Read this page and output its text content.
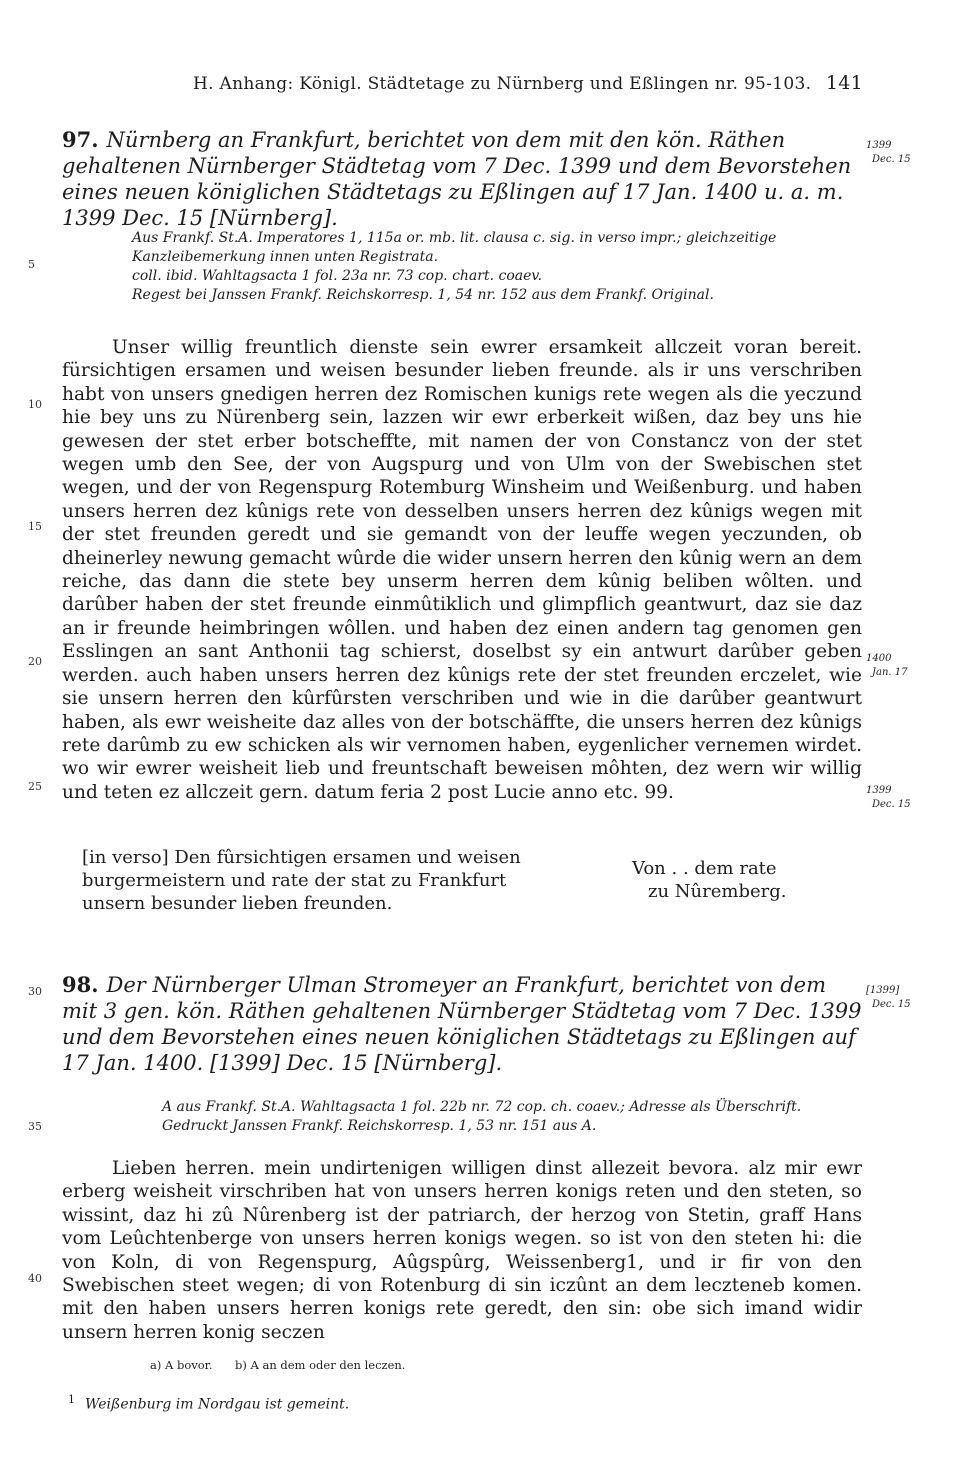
H. Anhang: Königl. Städtetage zu Nürnberg und Eßlingen nr. 95-103. 141
97. Nürnberg an Frankfurt, berichtet von dem mit den kön. Räthen gehaltenen Nürnberger Städtetag vom 7 Dec. 1399 und dem Bevorstehen eines neuen königlichen Städtetags zu Eßlingen auf 17 Jan. 1400 u. a. m. 1399 Dec. 15 [Nürnberg].
1399
Dec. 15

Aus Frankf. St.A. Imperatores 1, 115a or. mb. lit. clausa c. sig. in verso impr.; gleichzeitige Kanzleibemerkung innen unten Registrata.

coll. ibid. Wahltagsacta 1 fol. 23a nr. 73 cop. chart. coaev.

Regest bei Janssen Frankf. Reichskorresp. 1, 54 nr. 152 aus dem Frankf. Original.

Unser willig freuntlich dienste sein ewrer ersamkeit allczeit voran bereit. fürsichtigen ersamen und weisen besunder lieben freunde. als ir uns verschriben habt von unsers gnedigen herren dez Romischen kunigs rete wegen als die yeczund hie bey uns zu Nürenberg sein, lazzen wir ewr erberkeit wißen, daz bey uns hie gewesen der stet erber botscheffte, mit namen der von Constancz von der stet wegen umb den See, der von Augspurg und von Ulm von der Swebischen stet wegen, und der von Regenspurg Rotemburg Winsheim und Weißenburg. und haben unsers herren dez kûnigs rete von desselben unsers herren dez kûnigs wegen mit der stet freunden geredt und sie gemandt von der leuffe wegen yeczunden, ob dheinerley newung gemacht wûrde die wider unsern herren den kûnig wern an dem reiche, das dann die stete bey unserm herren dem kûnig beliben wôlten. und darûber haben der stet freunde einmûtiklich und glimpflich geantwurt, daz sie daz an ir freunde heimbringen wôllen. und haben dez einen andern tag genomen gen Esslingen an sant Anthonii tag schierst, doselbst sy ein antwurt darûber geben werden. auch haben unsers herren dez kûnigs rete der stet freunden erczelet, wie sie unsern herren den kûrfûrsten verschriben und wie in die darûber geantwurt haben, als ewr weisheite daz alles von der botschäffte, die unsers herren dez kûnigs rete darûmb zu ew schicken als wir vernomen haben, eygenlicher vernemen wirdet. wo wir ewrer weisheit lieb und freuntschaft beweisen môhten, dez wern wir willig und teten ez allczeit gern. datum feria 2 post Lucie anno etc. 99.

1400
Jan. 17
1399
Dec. 15
[in verso] Den fûrsichtigen ersamen und weisen burgermeistern und rate der stat zu Frankfurt unsern besunder lieben freunden.
Von . . dem rate
zu Nûremberg.
98. Der Nürnberger Ulman Stromeyer an Frankfurt, berichtet von dem mit 3 gen. kön. Räthen gehaltenen Nürnberger Städtetag vom 7 Dec. 1399 und dem Bevorstehen eines neuen königlichen Städtetags zu Eßlingen auf 17 Jan. 1400. [1399] Dec. 15 [Nürnberg].
[1399]
Dec. 15

A aus Frankf. St.A. Wahltagsacta 1 fol. 22b nr. 72 cop. ch. coaev.; Adresse als Überschrift.

Gedruckt Janssen Frankf. Reichskorresp. 1, 53 nr. 151 aus A.

Lieben herren. mein undirtenigen willigen dinst allezeit bevora. alz mir ewr erberg weisheit virschriben hat von unsers herren konigs reten und den steten, so wissint, daz hi zû Nûrenberg ist der patriarch, der herzog von Stetin, graff Hans vom Leûchtenberge von unsers herren konigs wegen. so ist von den steten hi: die von Koln, di von Regenspurg, Aûgspûrg, Weissenberg1, und ir fir von den Swebischen steet wegen; di von Rotenburg di sin iczûnt an dem leczteneb komen. mit den haben unsers herren konigs rete geredt, den sin: obe sich imand widir unsern herren konig seczen

a) A bovor. b) A an dem oder den leczen.
$^1$ Weißenburg im Nordgau ist gemeint.
5
10
15
20
25
30
35
40
